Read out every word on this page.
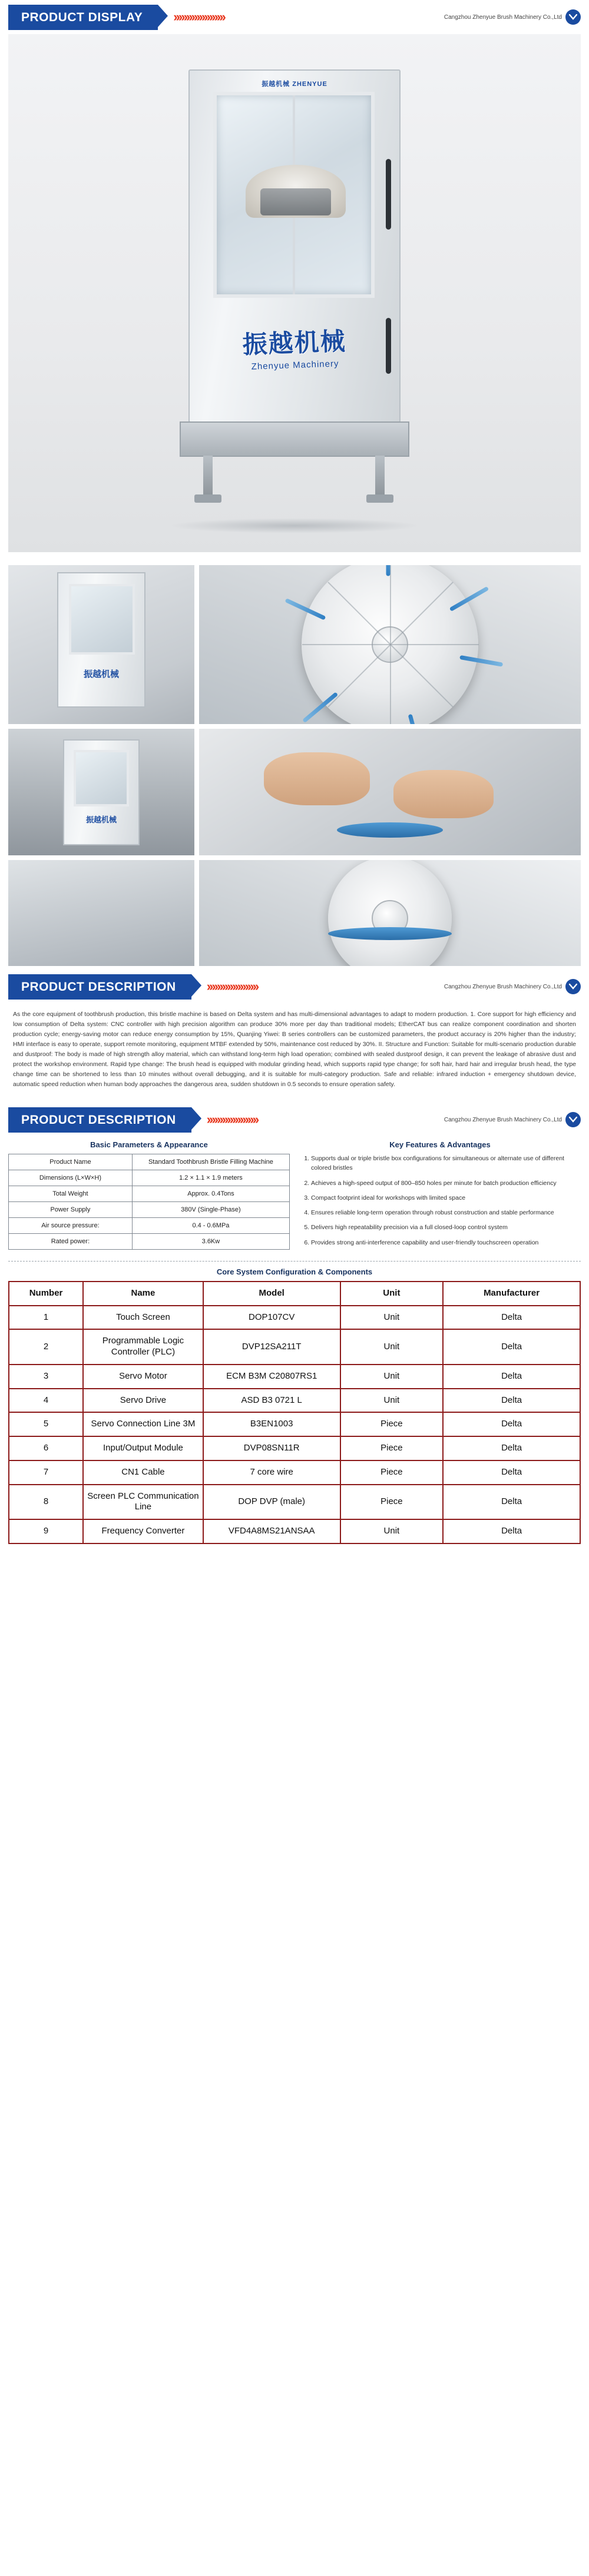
PRODUCT DISPLAY	››››››››››››››››››››	Cangzhou Zhenyue Brush Machinery Co.,Ltd
振越机械 ZHENYUE
振越机械
Zhenyue Machinery
振越机械
振越机械
PRODUCT DESCRIPTION	››››››››››››››››››››	Cangzhou Zhenyue Brush Machinery Co.,Ltd
As the core equipment of toothbrush production, this bristle machine is based on Delta system and has multi-dimensional advantages to adapt to modern production. 1. Core support for high efficiency and low consumption of Delta system: CNC controller with high precision algorithm can produce 30% more per day than traditional models; EtherCAT bus can realize component coordination and shorten production cycle; energy-saving motor can reduce energy consumption by 15%, Quanjing Yiwei: B series controllers can be customized parameters, the product accuracy is 20% higher than the industry; HMI interface is easy to operate, support remote monitoring, equipment MTBF extended by 50%, maintenance cost reduced by 30%. II. Structure and Function: Suitable for multi-scenario production durable and dustproof: The body is made of high strength alloy material, which can withstand long-term high load operation; combined with sealed dustproof design, it can prevent the leakage of abrasive dust and protect the workshop environment. Rapid type change: The brush head is equipped with modular grinding head, which supports rapid type change; for soft hair, hard hair and irregular brush head, the type change time can be shortened to less than 10 minutes without overall debugging, and it is suitable for multi-category production. Safe and reliable: infrared induction + emergency shutdown device, automatic speed reduction when human body approaches the dangerous area, sudden shutdown in 0.5 seconds to ensure operation safety.
PRODUCT DESCRIPTION	››››››››››››››››››››	Cangzhou Zhenyue Brush Machinery Co.,Ltd
Basic Parameters & Appearance
Product Name	Standard Toothbrush Bristle Filling Machine
Dimensions (L×W×H)	1.2 × 1.1 × 1.9 meters
Total Weight	Approx. 0.4Tons
Power Supply	380V (Single-Phase)
Air source pressure:	0.4 - 0.6MPa
Rated power:	3.6Kw
Key Features & Advantages
1. Supports dual or triple bristle box configurations for simultaneous or alternate use of different colored bristles
2. Achieves a high-speed output of 800–850 holes per minute for batch production efficiency
3. Compact footprint ideal for workshops with limited space
4. Ensures reliable long-term operation through robust construction and stable performance
5. Delivers high repeatability precision via a full closed-loop control system
6. Provides strong anti-interference capability and user-friendly touchscreen operation
Core System Configuration & Components
Number	Name	Model	Unit	Manufacturer
1	Touch Screen	DOP107CV	Unit	Delta
2	Programmable Logic Controller (PLC)	DVP12SA211T	Unit	Delta
3	Servo Motor	ECM B3M C20807RS1	Unit	Delta
4	Servo Drive	ASD B3 0721 L	Unit	Delta
5	Servo Connection Line 3M	B3EN1003	Piece	Delta
6	Input/Output Module	DVP08SN11R	Piece	Delta
7	CN1 Cable	7 core wire	Piece	Delta
8	Screen PLC Communication Line	DOP DVP (male)	Piece	Delta
9	Frequency Converter	VFD4A8MS21ANSAA	Unit	Delta
